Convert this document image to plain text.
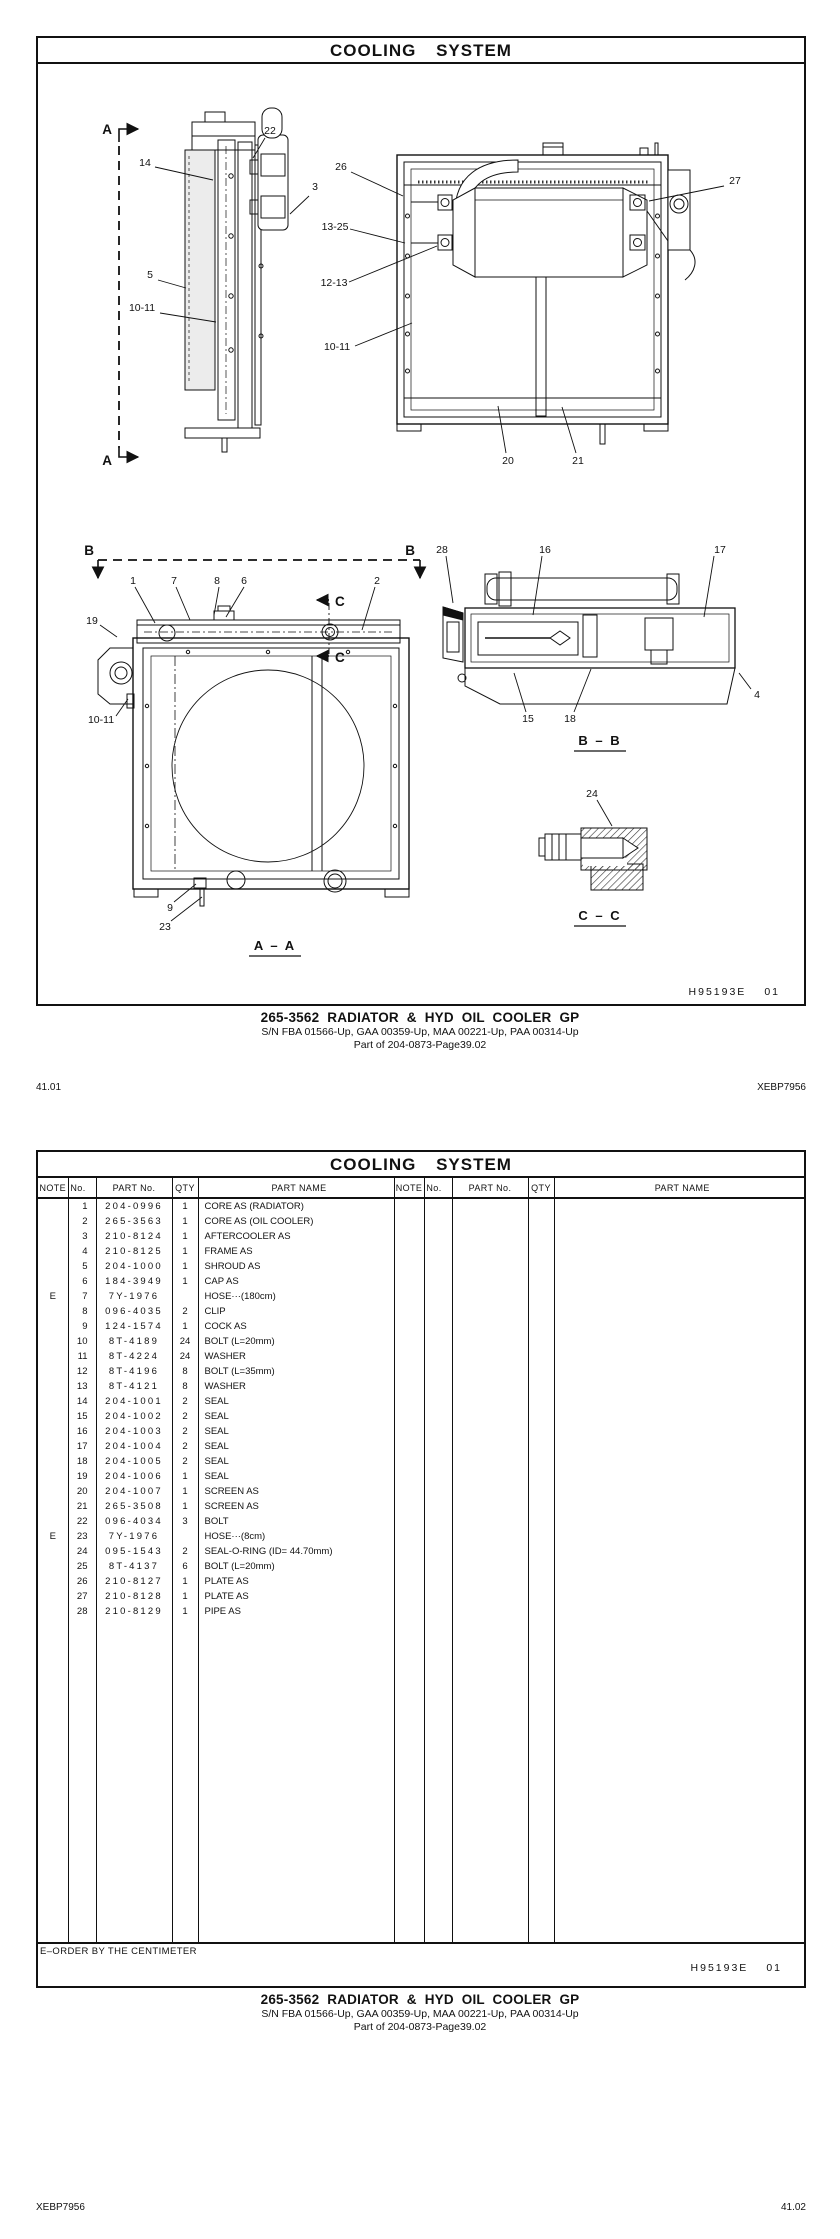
COOLING SYSTEM
A
A
22
14
3
5
10-11
26
27
13-25
12-13
10-11
20	21
B	B
C
C
1	7	8 6	2
19
10-11
9
23
A – A
28	16	17
4
15	18
B – B
24
C – C
H95193E 01
265-3562 RADIATOR & HYD OIL COOLER GP
S/N FBA 01566-Up, GAA 00359-Up, MAA 00221-Up, PAA 00314-Up
Part of 204-0873-Page39.02
41.01	XEBP7956
COOLING SYSTEM
NOTE	No.	PART No.	QTY	PART NAME	NOTE	No.	PART No.	QTY	PART NAME
	1	204-0996	1	CORE AS (RADIATOR)					
	2	265-3563	1	CORE AS (OIL COOLER)					
	3	210-8124	1	AFTERCOOLER AS					
	4	210-8125	1	FRAME AS					
	5	204-1000	1	SHROUD AS					
	6	184-3949	1	CAP AS					
E	7	7Y-1976		HOSE···(180cm)					
	8	096-4035	2	CLIP					
	9	124-1574	1	COCK AS					
	10	8T-4189	24	BOLT (L=20mm)					
	11	8T-4224	24	WASHER					
	12	8T-4196	8	BOLT (L=35mm)					
	13	8T-4121	8	WASHER					
	14	204-1001	2	SEAL					
	15	204-1002	2	SEAL					
	16	204-1003	2	SEAL					
	17	204-1004	2	SEAL					
	18	204-1005	2	SEAL					
	19	204-1006	1	SEAL					
	20	204-1007	1	SCREEN AS					
	21	265-3508	1	SCREEN AS					
	22	096-4034	3	BOLT					
E	23	7Y-1976		HOSE···(8cm)					
	24	095-1543	2	SEAL-O-RING (ID= 44.70mm)					
	25	8T-4137	6	BOLT (L=20mm)					
	26	210-8127	1	PLATE AS					
	27	210-8128	1	PLATE AS					
	28	210-8129	1	PIPE AS					

E–ORDER BY THE CENTIMETER									
H95193E 01
265-3562 RADIATOR & HYD OIL COOLER GP
S/N FBA 01566-Up, GAA 00359-Up, MAA 00221-Up, PAA 00314-Up
Part of 204-0873-Page39.02
XEBP7956	41.02
